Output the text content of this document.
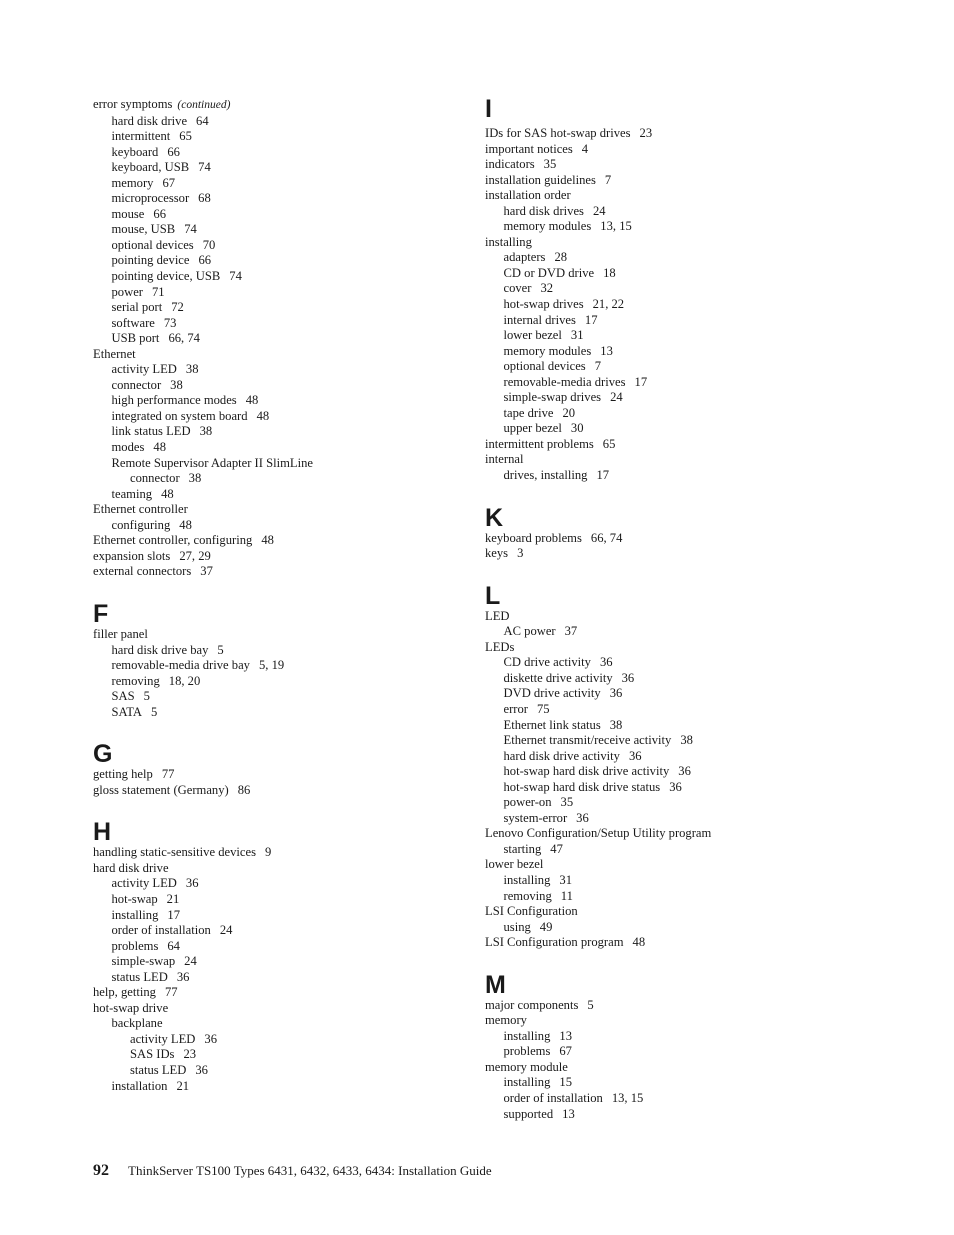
error symptoms (continued)
hard disk drive 64
intermittent 65
keyboard 66
keyboard, USB 74
memory 67
microprocessor 68
mouse 66
mouse, USB 74
optional devices 70
pointing device 66
pointing device, USB 74
power 71
serial port 72
software 73
USB port 66, 74
Ethernet
activity LED 38
connector 38
high performance modes 48
integrated on system board 48
link status LED 38
modes 48
Remote Supervisor Adapter II SlimLine
connector 38
teaming 48
Ethernet controller
configuring 48
Ethernet controller, configuring 48
expansion slots 27, 29
external connectors 37
F
filler panel
hard disk drive bay 5
removable-media drive bay 5, 19
removing 18, 20
SAS 5
SATA 5
G
getting help 77
gloss statement (Germany) 86
H
handling static-sensitive devices 9
hard disk drive
activity LED 36
hot-swap 21
installing 17
order of installation 24
problems 64
simple-swap 24
status LED 36
help, getting 77
hot-swap drive
backplane
activity LED 36
SAS IDs 23
status LED 36
installation 21
I
IDs for SAS hot-swap drives 23
important notices 4
indicators 35
installation guidelines 7
installation order
hard disk drives 24
memory modules 13, 15
installing
adapters 28
CD or DVD drive 18
cover 32
hot-swap drives 21, 22
internal drives 17
lower bezel 31
memory modules 13
optional devices 7
removable-media drives 17
simple-swap drives 24
tape drive 20
upper bezel 30
intermittent problems 65
internal
drives, installing 17
K
keyboard problems 66, 74
keys 3
L
LED
AC power 37
LEDs
CD drive activity 36
diskette drive activity 36
DVD drive activity 36
error 75
Ethernet link status 38
Ethernet transmit/receive activity 38
hard disk drive activity 36
hot-swap hard disk drive activity 36
hot-swap hard disk drive status 36
power-on 35
system-error 36
Lenovo Configuration/Setup Utility program
starting 47
lower bezel
installing 31
removing 11
LSI Configuration
using 49
LSI Configuration program 48
M
major components 5
memory
installing 13
problems 67
memory module
installing 15
order of installation 13, 15
supported 13
92 ThinkServer TS100 Types 6431, 6432, 6433, 6434: Installation Guide
